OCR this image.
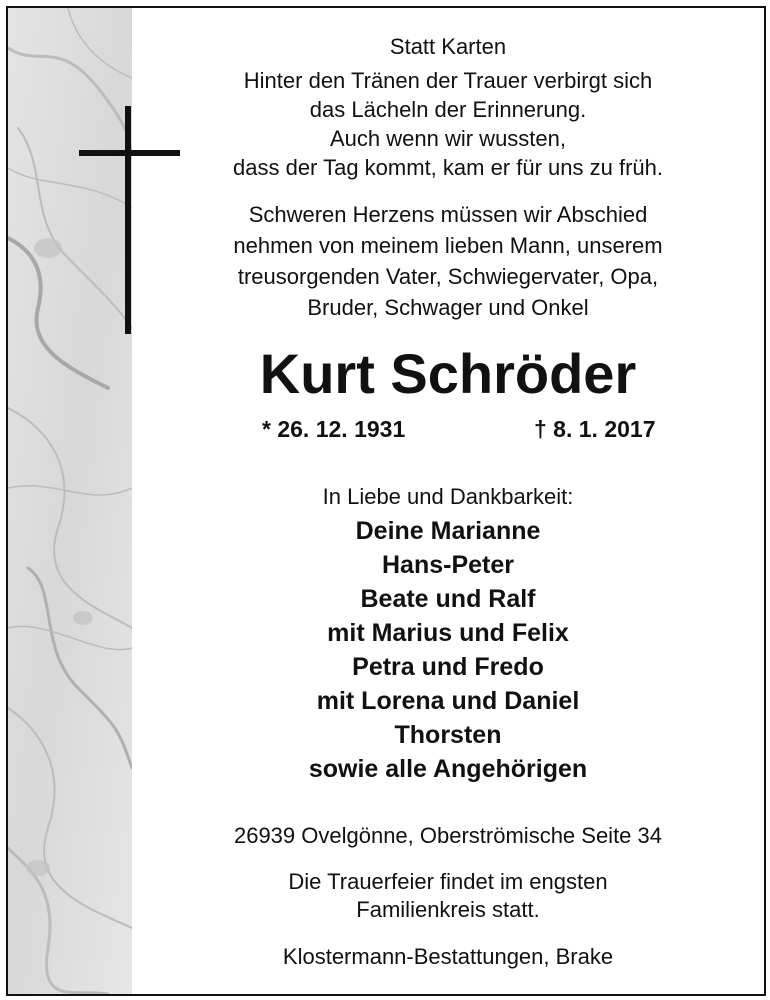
Statt Karten
Hinter den Tränen der Trauer verbirgt sich
das Lächeln der Erinnerung.
Auch wenn wir wussten,
dass der Tag kommt, kam er für uns zu früh.
Schweren Herzens müssen wir Abschied
nehmen von meinem lieben Mann, unserem
treusorgenden Vater, Schwiegervater, Opa,
Bruder, Schwager und Onkel
Kurt Schröder
* 26. 12. 1931	† 8. 1. 2017
In Liebe und Dankbarkeit:
Deine Marianne
Hans-Peter
Beate und Ralf
mit Marius und Felix
Petra und Fredo
mit Lorena und Daniel
Thorsten
sowie alle Angehörigen
26939 Ovelgönne, Oberströmische Seite 34
Die Trauerfeier findet im engsten
Familienkreis statt.
Klostermann-Bestattungen, Brake
